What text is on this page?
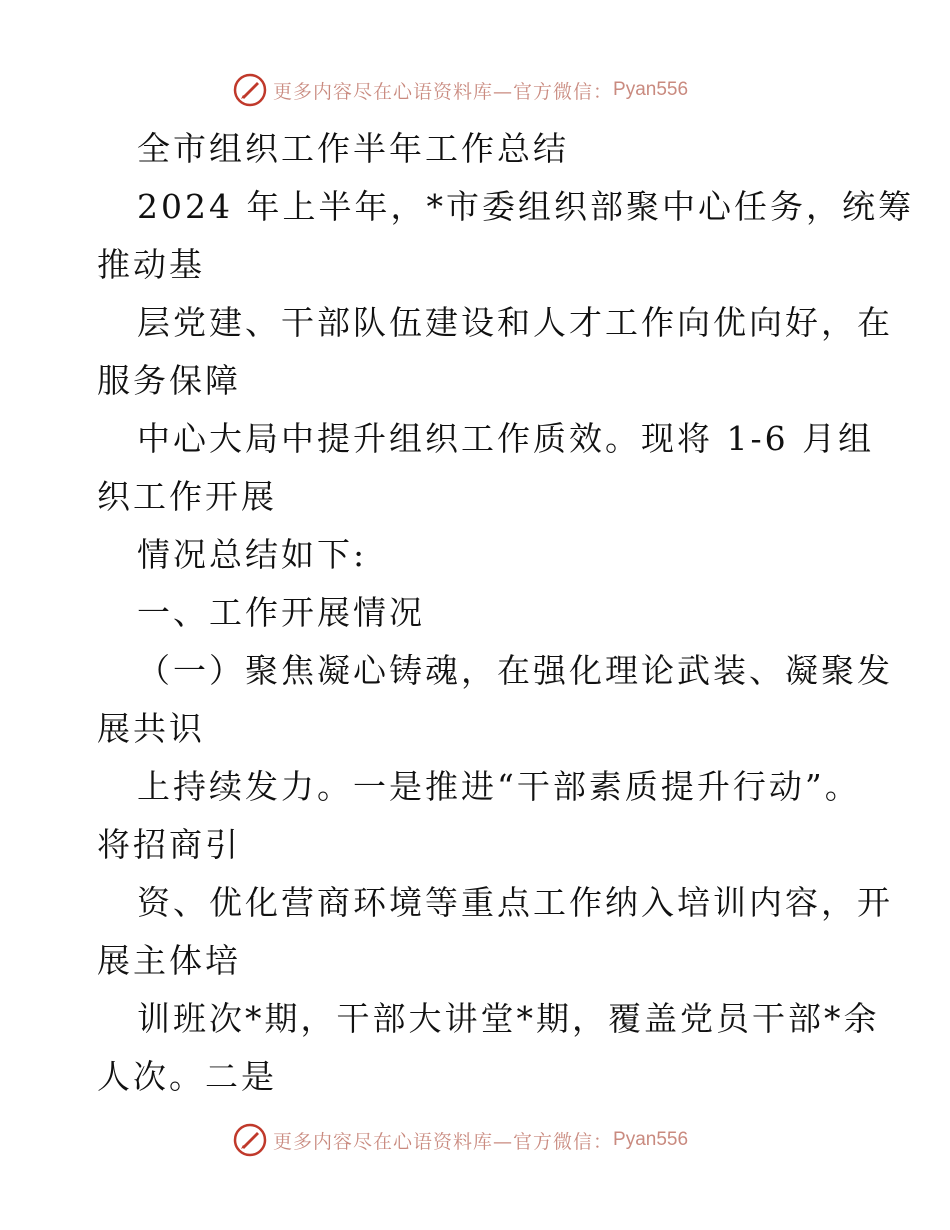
更多内容尽在心语资料库—官方微信： Pyan556
全市组织工作半年工作总结
2024 年上半年，*市委组织部聚中心任务，统筹
推动基
层党建、干部队伍建设和人才工作向优向好，在
服务保障
中心大局中提升组织工作质效。现将 1-6 月组
织工作开展
情况总结如下:
一、工作开展情况
（一）聚焦凝心铸魂，在强化理论武装、凝聚发
展共识
上持续发力。一是推进“干部素质提升行动”。
将招商引
资、优化营商环境等重点工作纳入培训内容，开
展主体培
训班次*期，干部大讲堂*期，覆盖党员干部*余
人次。二是
更多内容尽在心语资料库—官方微信： Pyan556
